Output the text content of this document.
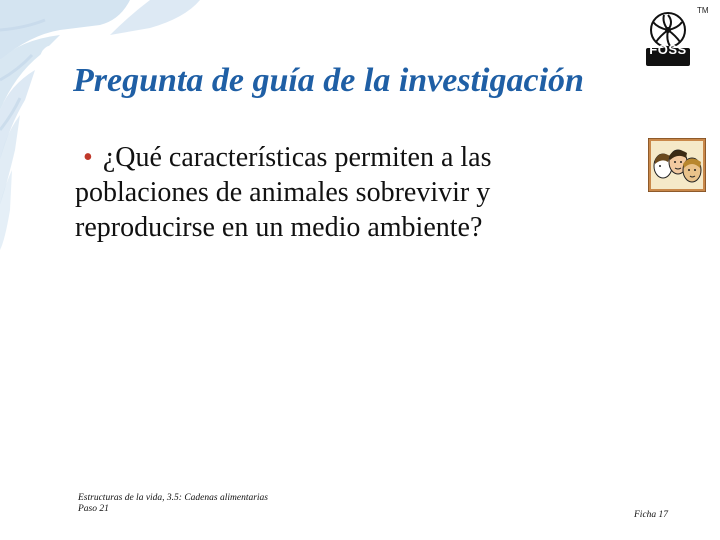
TM
FOSS
Pregunta de guía de la investigación
• ¿Qué características permiten a las poblaciones de animales sobrevivir y reproducirse en un medio ambiente?
Estructuras de la vida, 3.5: Cadenas alimentarias
Paso 21
Ficha 17
